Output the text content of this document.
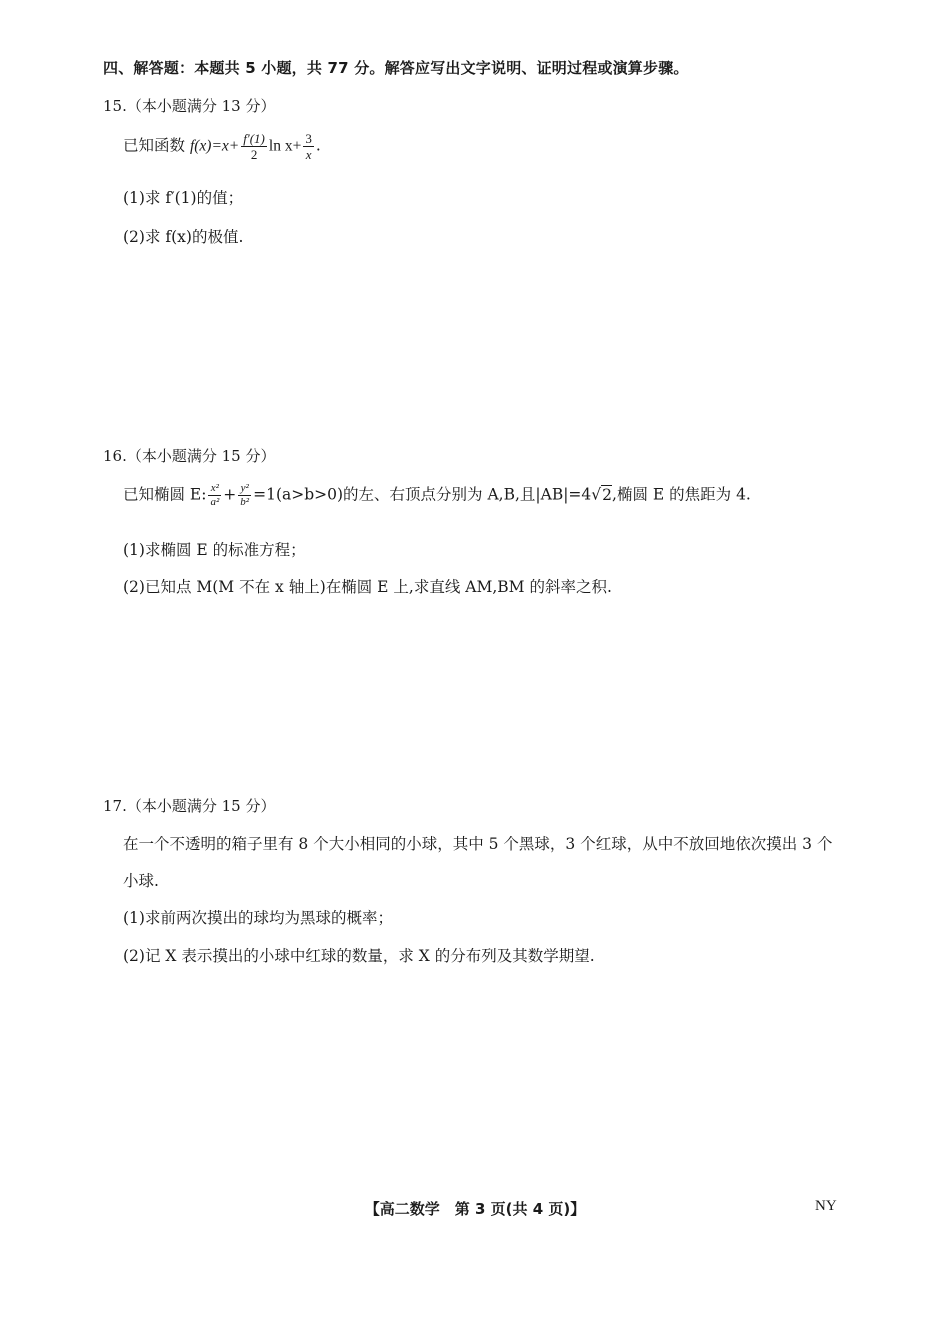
四、解答题：本题共 5 小题，共 77 分。解答应写出文字说明、证明过程或演算步骤。
15.（本小题满分 13 分）
已知函数 $f(x)=x+ \frac{f'(1)}{2}$ $\ln x+ \frac{3}{x}$ .
(1)求 f′(1)的值；
(2)求 f(x)的极值.
16.（本小题满分 15 分）
已知椭圆 E: $\frac{\text{x²}}{\text{a²}} + \frac{\text{y²}}{\text{b²}} =1(a>b>0)$的左、右顶点分别为 A,B,且|AB|=4√2,椭圆 E 的焦距为 4.
(1)求椭圆 E 的标准方程；
(2)已知点 M(M 不在 x 轴上)在椭圆 E 上,求直线 AM,BM 的斜率之积.
17.（本小题满分 15 分）
在一个不透明的箱子里有 8 个大小相同的小球，其中 5 个黑球，3 个红球，从中不放回地依次摸出 3 个
小球.
(1)求前两次摸出的球均为黑球的概率；
(2)记 X 表示摸出的小球中红球的数量，求 X 的分布列及其数学期望.
【高二数学　第 3 页(共 4 页)】	NY
